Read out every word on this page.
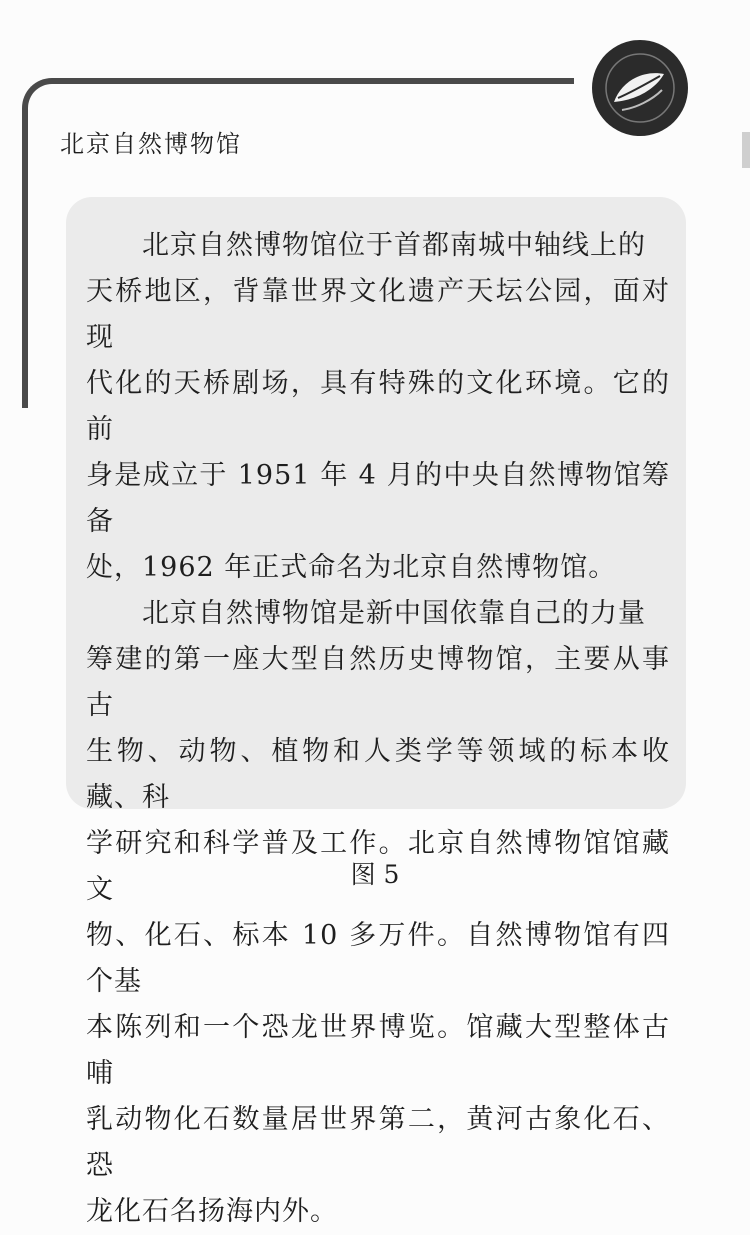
北京自然博物馆

　　北京自然博物馆位于首都南城中轴线上的
天桥地区，背靠世界文化遗产天坛公园，面对现
代化的天桥剧场，具有特殊的文化环境。它的前
身是成立于 1951 年 4 月的中央自然博物馆筹备
处，1962 年正式命名为北京自然博物馆。

　　北京自然博物馆是新中国依靠自己的力量
筹建的第一座大型自然历史博物馆，主要从事古
生物、动物、植物和人类学等领域的标本收藏、科
学研究和科学普及工作。北京自然博物馆馆藏文
物、化石、标本 10 多万件。自然博物馆有四个基
本陈列和一个恐龙世界博览。馆藏大型整体古哺
乳动物化石数量居世界第二，黄河古象化石、恐
龙化石名扬海内外。

图 5
